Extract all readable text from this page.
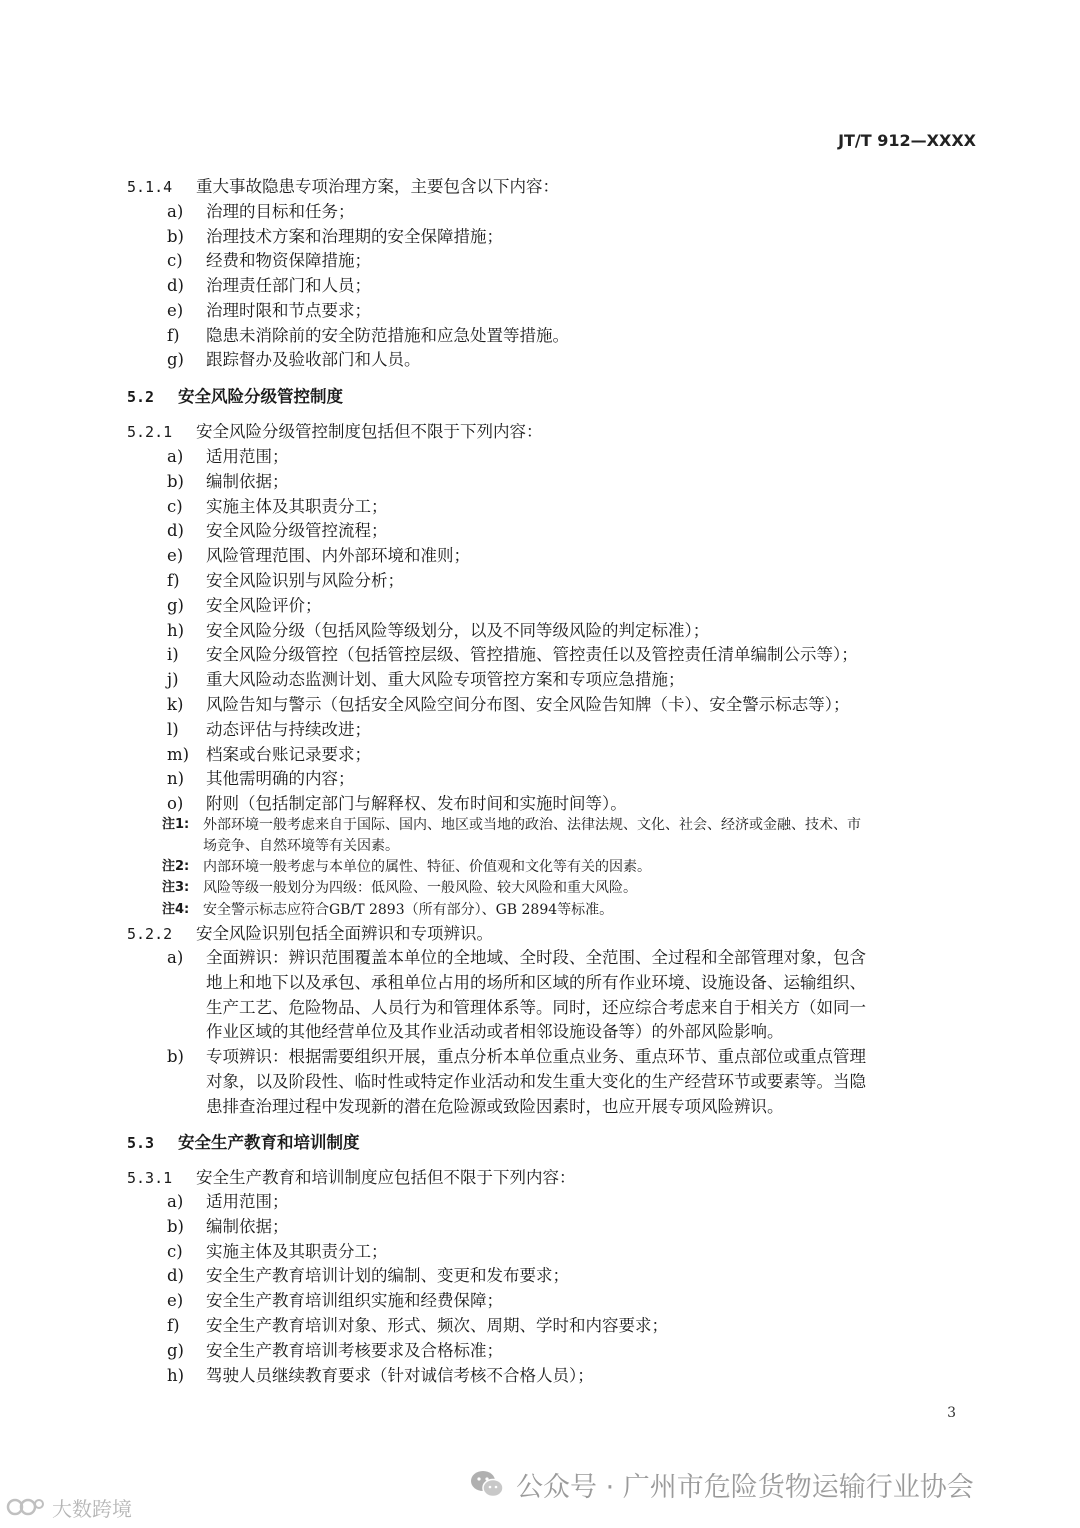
JT/T 912—XXXX
5.1.4 重大事故隐患专项治理方案，主要包含以下内容：
a) 治理的目标和任务；
b) 治理技术方案和治理期的安全保障措施；
c) 经费和物资保障措施；
d) 治理责任部门和人员；
e) 治理时限和节点要求；
f) 隐患未消除前的安全防范措施和应急处置等措施。
g) 跟踪督办及验收部门和人员。
5.2 安全风险分级管控制度
5.2.1 安全风险分级管控制度包括但不限于下列内容：
a) 适用范围；
b) 编制依据；
c) 实施主体及其职责分工；
d) 安全风险分级管控流程；
e) 风险管理范围、内外部环境和准则；
f) 安全风险识别与风险分析；
g) 安全风险评价；
h) 安全风险分级（包括风险等级划分，以及不同等级风险的判定标准）；
i) 安全风险分级管控（包括管控层级、管控措施、管控责任以及管控责任清单编制公示等）；
j) 重大风险动态监测计划、重大风险专项管控方案和专项应急措施；
k) 风险告知与警示（包括安全风险空间分布图、安全风险告知牌（卡）、安全警示标志等）；
l) 动态评估与持续改进；
m) 档案或台账记录要求；
n) 其他需明确的内容；
o) 附则（包括制定部门与解释权、发布时间和实施时间等）。
注1: 外部环境一般考虑来自于国际、国内、地区或当地的政治、法律法规、文化、社会、经济或金融、技术、市
场竞争、自然环境等有关因素。
注2: 内部环境一般考虑与本单位的属性、特征、价值观和文化等有关的因素。
注3: 风险等级一般划分为四级：低风险、一般风险、较大风险和重大风险。
注4: 安全警示标志应符合GB/T 2893（所有部分）、GB 2894等标准。
5.2.2 安全风险识别包括全面辨识和专项辨识。
a) 全面辨识：辨识范围覆盖本单位的全地域、全时段、全范围、全过程和全部管理对象，包含
地上和地下以及承包、承租单位占用的场所和区域的所有作业环境、设施设备、运输组织、
生产工艺、危险物品、人员行为和管理体系等。同时，还应综合考虑来自于相关方（如同一
作业区域的其他经营单位及其作业活动或者相邻设施设备等）的外部风险影响。
b) 专项辨识：根据需要组织开展，重点分析本单位重点业务、重点环节、重点部位或重点管理
对象，以及阶段性、临时性或特定作业活动和发生重大变化的生产经营环节或要素等。当隐
患排查治理过程中发现新的潜在危险源或致险因素时，也应开展专项风险辨识。
5.3 安全生产教育和培训制度
5.3.1 安全生产教育和培训制度应包括但不限于下列内容：
a) 适用范围；
b) 编制依据；
c) 实施主体及其职责分工；
d) 安全生产教育培训计划的编制、变更和发布要求；
e) 安全生产教育培训组织实施和经费保障；
f) 安全生产教育培训对象、形式、频次、周期、学时和内容要求；
g) 安全生产教育培训考核要求及合格标准；
h) 驾驶人员继续教育要求（针对诚信考核不合格人员）；
3
公众号 · 广州市危险货物运输行业协会
大数跨境
